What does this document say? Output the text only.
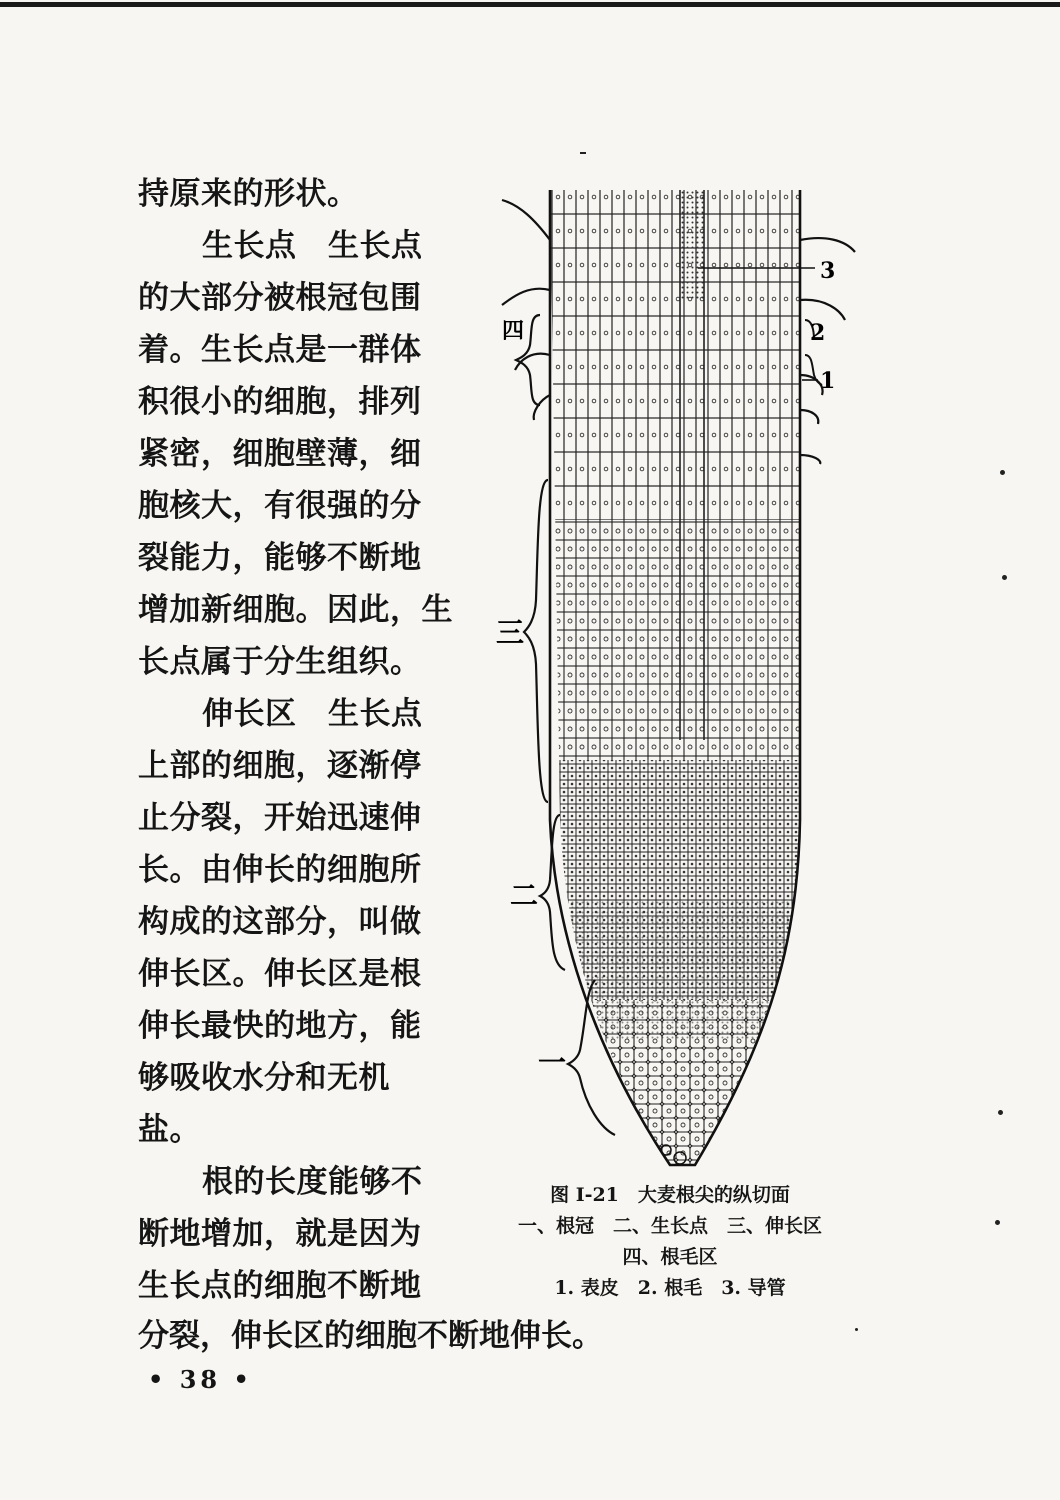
持原来的形状。
生长点　生长点
的大部分被根冠包围
着。生长点是一群体
积很小的细胞，排列
紧密，细胞壁薄，细
胞核大，有很强的分
裂能力，能够不断地
增加新细胞。因此，生
长点属于分生组织。
伸长区　生长点
上部的细胞，逐渐停
止分裂，开始迅速伸
长。由伸长的细胞所
构成的这部分，叫做
伸长区。伸长区是根
伸长最快的地方，能
够吸收水分和无机
盐。
根的长度能够不
断地增加，就是因为
生长点的细胞不断地
分裂，伸长区的细胞不断地伸长。
• 38 •
四
三
二
一
1
2
3
图 I-21　大麦根尖的纵切面
一、根冠　二、生长点　三、伸长区
四、根毛区
1. 表皮　2. 根毛　3. 导管
